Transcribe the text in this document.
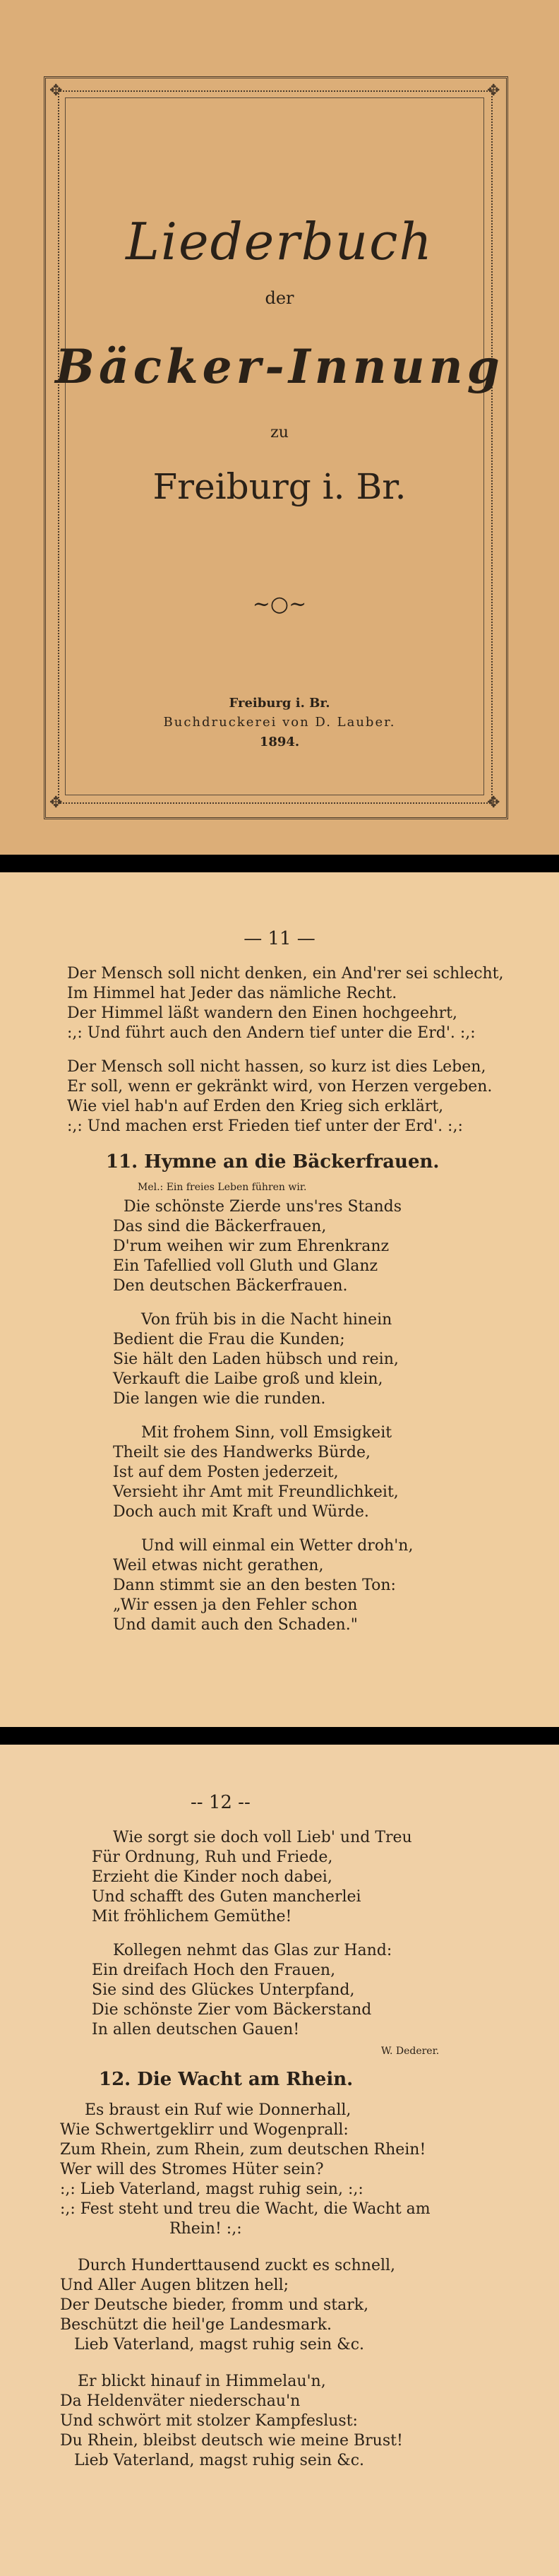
✥	✥
✥	✥
Liederbuch
der
Bäcker-Innung
zu
Freiburg i. Br.
~○~
Freiburg i. Br.
Buchdruckerei von D. Lauber.
1894.
— 11 —
Der Mensch soll nicht denken, ein And'rer sei schlecht,
Im Himmel hat Jeder das nämliche Recht.
Der Himmel läßt wandern den Einen hochgeehrt,
:,: Und führt auch den Andern tief unter die Erd'. :,:
Der Mensch soll nicht hassen, so kurz ist dies Leben,
Er soll, wenn er gekränkt wird, von Herzen vergeben.
Wie viel hab'n auf Erden den Krieg sich erklärt,
:,: Und machen erst Frieden tief unter der Erd'. :,:
11. Hymne an die Bäckerfrauen.
Mel.: Ein freies Leben führen wir.
Die schönste Zierde uns'res Stands
Das sind die Bäckerfrauen,
D'rum weihen wir zum Ehrenkranz
Ein Tafellied voll Gluth und Glanz
Den deutschen Bäckerfrauen.
Von früh bis in die Nacht hinein
Bedient die Frau die Kunden;
Sie hält den Laden hübsch und rein,
Verkauft die Laibe groß und klein,
Die langen wie die runden.
Mit frohem Sinn, voll Emsigkeit
Theilt sie des Handwerks Bürde,
Ist auf dem Posten jederzeit,
Versieht ihr Amt mit Freundlichkeit,
Doch auch mit Kraft und Würde.
Und will einmal ein Wetter droh'n,
Weil etwas nicht gerathen,
Dann stimmt sie an den besten Ton:
„Wir essen ja den Fehler schon
Und damit auch den Schaden."
-- 12 --
Wie sorgt sie doch voll Lieb' und Treu
Für Ordnung, Ruh und Friede,
Erzieht die Kinder noch dabei,
Und schafft des Guten mancherlei
Mit fröhlichem Gemüthe!
Kollegen nehmt das Glas zur Hand:
Ein dreifach Hoch den Frauen,
Sie sind des Glückes Unterpfand,
Die schönste Zier vom Bäckerstand
In allen deutschen Gauen!
W. Dederer.
12. Die Wacht am Rhein.
Es braust ein Ruf wie Donnerhall,
Wie Schwertgeklirr und Wogenprall:
Zum Rhein, zum Rhein, zum deutschen Rhein!
Wer will des Stromes Hüter sein?
:,: Lieb Vaterland, magst ruhig sein, :,:
:,: Fest steht und treu die Wacht, die Wacht am
Rhein! :,:
Durch Hunderttausend zuckt es schnell,
Und Aller Augen blitzen hell;
Der Deutsche bieder, fromm und stark,
Beschützt die heil'ge Landesmark.
Lieb Vaterland, magst ruhig sein &c.
Er blickt hinauf in Himmelau'n,
Da Heldenväter niederschau'n
Und schwört mit stolzer Kampfeslust:
Du Rhein, bleibst deutsch wie meine Brust!
Lieb Vaterland, magst ruhig sein &c.
